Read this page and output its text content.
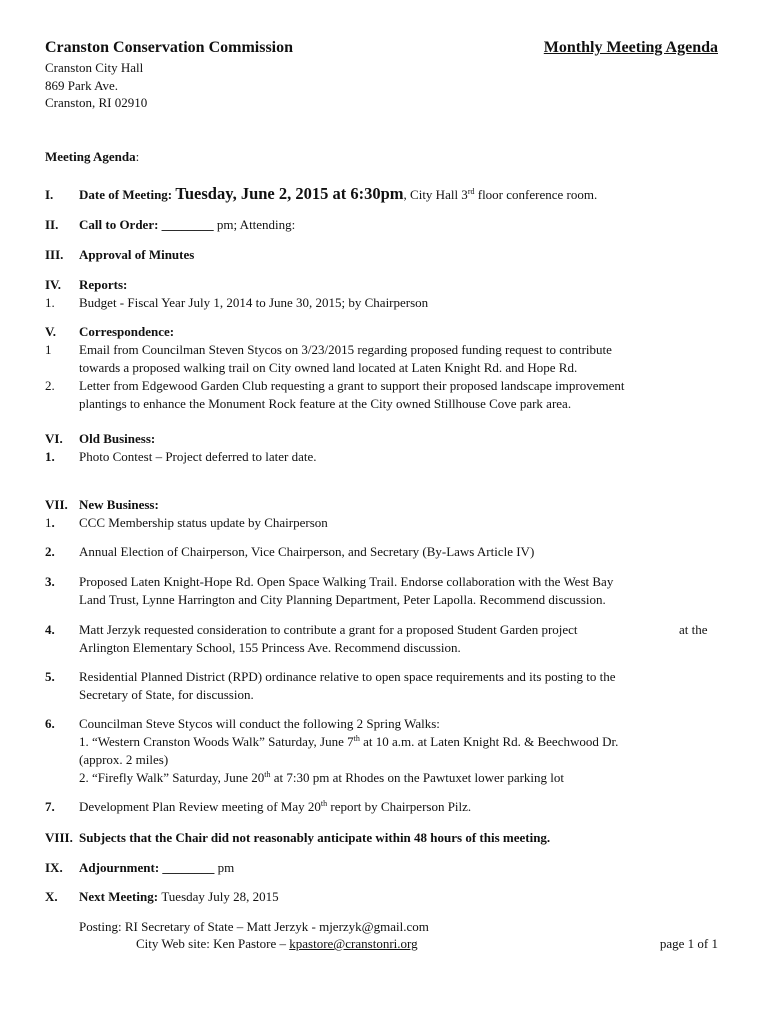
Cranston Conservation Commission	Monthly Meeting Agenda
Cranston City Hall
869 Park Ave.
Cranston, RI 02910
Meeting Agenda:
I. Date of Meeting: Tuesday, June 2, 2015 at 6:30pm, City Hall 3rd floor conference room.
II. Call to Order: ________ pm; Attending:
III. Approval of Minutes
IV. Reports:
1. Budget - Fiscal Year July 1, 2014 to June 30, 2015; by Chairperson
V. Correspondence:
1 Email from Councilman Steven Stycos on 3/23/2015 regarding proposed funding request to contribute
towards a proposed walking trail on City owned land located at Laten Knight Rd. and Hope Rd.
2. Letter from Edgewood Garden Club requesting a grant to support their proposed landscape improvement
plantings to enhance the Monument Rock feature at the City owned Stillhouse Cove park area.
VI. Old Business:
1. Photo Contest – Project deferred to later date.
VII. New Business:
1. CCC Membership status update by Chairperson
2. Annual Election of Chairperson, Vice Chairperson, and Secretary (By-Laws Article IV)
3. Proposed Laten Knight-Hope Rd. Open Space Walking Trail. Endorse collaboration with the West Bay
Land Trust, Lynne Harrington and City Planning Department, Peter Lapolla. Recommend discussion.
4. Matt Jerzyk requested consideration to contribute a grant for a proposed Student Garden project	at the
Arlington Elementary School, 155 Princess Ave. Recommend discussion.
5. Residential Planned District (RPD) ordinance relative to open space requirements and its posting to the
Secretary of State, for discussion.
6. Councilman Steve Stycos will conduct the following 2 Spring Walks:
1. “Western Cranston Woods Walk” Saturday, June 7th at 10 a.m. at Laten Knight Rd. & Beechwood Dr.
(approx. 2 miles)
2. “Firefly Walk” Saturday, June 20th at 7:30 pm at Rhodes on the Pawtuxet lower parking lot
7. Development Plan Review meeting of May 20th report by Chairperson Pilz.
VIII. Subjects that the Chair did not reasonably anticipate within 48 hours of this meeting.
IX. Adjournment: ________ pm
X. Next Meeting: Tuesday July 28, 2015
Posting: RI Secretary of State – Matt Jerzyk - mjerzyk@gmail.com
City Web site: Ken Pastore – kpastore@cranstonri.org	page 1 of 1
